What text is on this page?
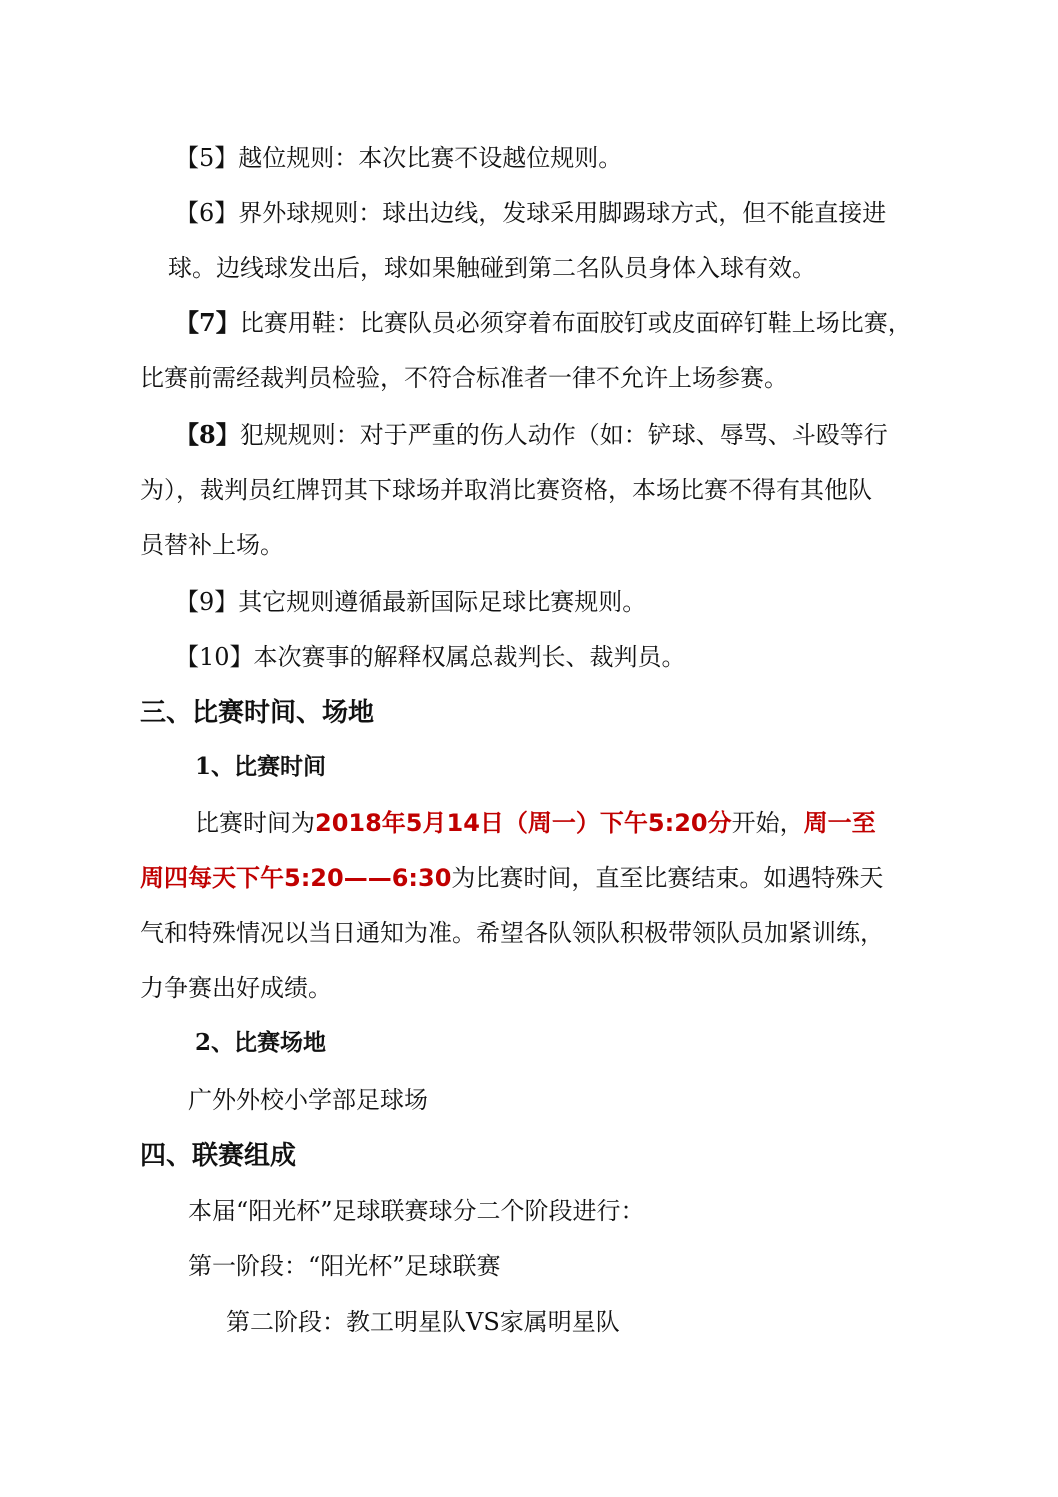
【5】越位规则：本次比赛不设越位规则。
【6】界外球规则：球出边线，发球采用脚踢球方式，但不能直接进
球。边线球发出后，球如果触碰到第二名队员身体入球有效。
【7】比赛用鞋：比赛队员必须穿着布面胶钉或皮面碎钉鞋上场比赛，
比赛前需经裁判员检验，不符合标准者一律不允许上场参赛。
【8】犯规规则：对于严重的伤人动作（如：铲球、辱骂、斗殴等行
为），裁判员红牌罚其下球场并取消比赛资格，本场比赛不得有其他队
员替补上场。
【9】其它规则遵循最新国际足球比赛规则。
【10】本次赛事的解释权属总裁判长、裁判员。
三、比赛时间、场地
1、比赛时间
比赛时间为2018年5月14日（周一）下午5:20分开始，周一至
周四每天下午5:20——6:30为比赛时间，直至比赛结束。如遇特殊天
气和特殊情况以当日通知为准。希望各队领队积极带领队员加紧训练，
力争赛出好成绩。
2、比赛场地
广外外校小学部足球场
四、联赛组成
本届“阳光杯”足球联赛球分二个阶段进行：
第一阶段：“阳光杯”足球联赛
第二阶段：教工明星队VS家属明星队
